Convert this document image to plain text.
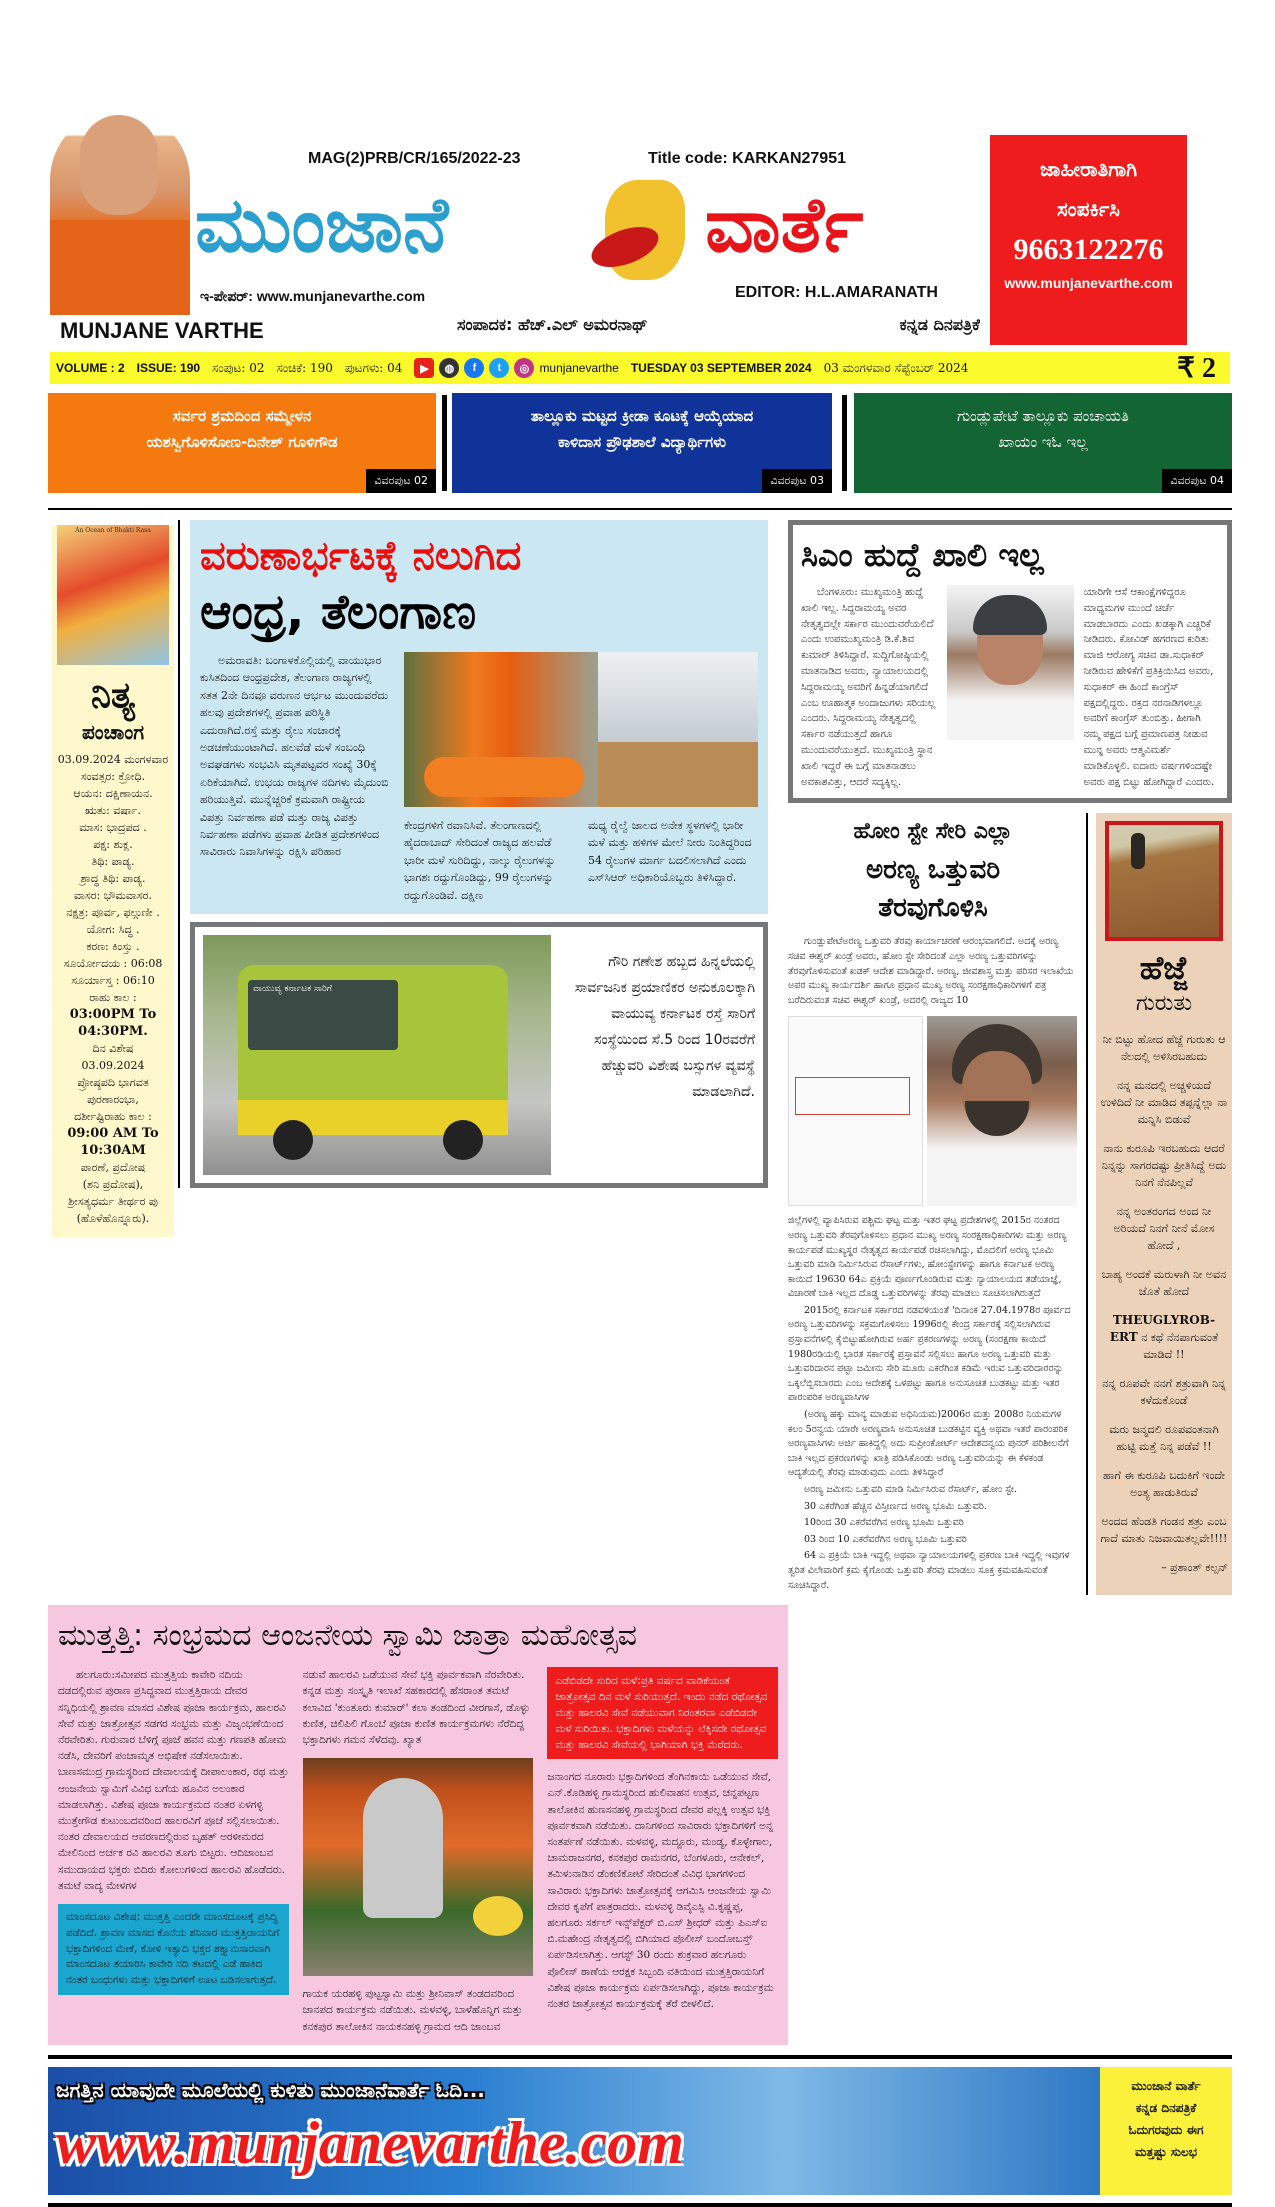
MUNJANE VARTHE
MAG(2)PRB/CR/165/2022-23	Title code: KARKAN27951
ಮುಂಜಾನೆ	ವಾರ್ತೆ
ಇ-ಪೇಪರ್: www.munjanevarthe.com	EDITOR: H.L.AMARANATH
ಸಂಪಾದಕ: ಹೆಚ್.ಎಲ್ ಅಮರನಾಥ್	ಕನ್ನಡ ದಿನಪತ್ರಿಕೆ
ಜಾಹೀರಾತಿಗಾಗಿ
ಸಂಪರ್ಕಿಸಿ
9663122276
www.munjanevarthe.com
VOLUME : 2 ISSUE: 190 ಸಂಪುಟ: 02 ಸಂಚಿಕೆ: 190 ಪುಟಗಳು: 04	▶	◍	f	t	◎ munjanevarthe TUESDAY 03 SEPTEMBER 2024 03 ಮಂಗಳವಾರ ಸೆಪ್ಟೆಂಬರ್ 2024	₹ 2
ಸರ್ವರ ಶ್ರಮದಿಂದ ಸಮ್ಮೇಳನ
ಯಶಸ್ವಿಗೊಳಿಸೋಣ-ದಿನೇಶ್ ಗೂಳಿಗೌಡ
ವಿವರಪುಟ 02
ತಾಲ್ಲೂಕು ಮಟ್ಟದ ಕ್ರೀಡಾ ಕೂಟಕ್ಕೆ ಆಯ್ಕೆಯಾದ
ಕಾಳಿದಾಸ ಪ್ರೌಢಶಾಲೆ ವಿದ್ಯಾರ್ಥಿಗಳು
ವಿವರಪುಟ 03
ಗುಂಡ್ಲುಪೇಟೆ ತಾಲ್ಲೂಕು ಪಂಚಾಯತಿ
ಖಾಯಂ ಇಓ ಇಲ್ಲ
ವಿವರಪುಟ 04
An Ocean of Bhakti Rasa
ನಿತ್ಯ
ಪಂಚಾಂಗ
03.09.2024 ಮಂಗಳವಾರ
ಸಂವತ್ಸರ: ಕ್ರೋಧಿ.
ಆಯನ: ದಕ್ಷಿಣಾಯನ.
ಋತು: ವರ್ಷಾ.
ಮಾಸ: ಭಾದ್ರಪದ .
ಪಕ್ಷ: ಶುಕ್ಲ.
ತಿಥಿ: ಪಾಡ್ಯ.
ಶ್ರಾದ್ಧ ತಿಥಿ: ಪಾಡ್ಯ.
ವಾಸರ: ಭೌಮವಾಸರ.
ನಕ್ಷತ್ರ: ಪೂರ್ವ, ಫಲ್ಗುಣೀ .
ಯೋಗ: ಸಿದ್ಧ .
ಕರಣ: ಕಿಂಸ್ತು .
ಸೂರ್ಯೋದಯ : 06:08
ಸೂರ್ಯಾಸ್ತ : 06:10
ರಾಹು ಕಾಲ :
03:00PM To 04:30PM.
ದಿನ ವಿಶೇಷ
03.09.2024
ಪ್ರೋಷ್ಠಪದಿ ಭಾಗವತ
ಪುರಣಾರಂಭಾ,
ದರ್ಶೀಷ್ಟಿರಾಹು ಕಾಲ :
09:00 AM To 10:30AM
ಪಾರಣೆ, ಪ್ರದೋಷ
(ಶನಿ ಪ್ರದೋಷ),
ಶ್ರೀಸತ್ಯಧರ್ಮ ತೀರ್ಥರ ಪು
(ಹೊಳೆಹೊನ್ನೂರು).
ವರುಣಾರ್ಭಟಕ್ಕೆ ನಲುಗಿದ
ಆಂಧ್ರ, ತೆಲಂಗಾಣ
ಅಮರಾವತಿ: ಬಂಗಾಳಕೊಲ್ಲಿಯಲ್ಲಿ ವಾಯುಭಾರ ಕುಸಿತದಿಂದ ಆಂಧ್ರಪ್ರದೇಶ, ತೆಲಂಗಾಣ ರಾಜ್ಯಗಳಲ್ಲಿ ಸತತ 2ನೇ ದಿನವೂ ವರುಣನ ಆರ್ಭಟ ಮುಂದುವರೆದು ಹಲವು ಪ್ರದೇಶಗಳಲ್ಲಿ ಪ್ರವಾಹ ಪರಿಸ್ಥಿತಿ ಎದುರಾಗಿದೆ.ರಸ್ತೆ ಮತ್ತು ರೈಲು ಸಂಚಾರಕ್ಕೆ ಅಡಚಣೆಯುಂಟಾಗಿದೆ. ಹಲವೆಡೆ ಮಳೆ ಸಂಬಂಧಿ ಅವಘಡಗಳು ಸಂಭವಿಸಿ ಮೃತಪಟ್ಟವರ ಸಂಖ್ಯೆ 30ಕ್ಕೆ ಏರಿಕೆಯಾಗಿದೆ. ಉಭಯ ರಾಜ್ಯಗಳ ನದಿಗಳು ಮೈದುಂಬಿ ಹರಿಯುತ್ತಿವೆ. ಮುನ್ನೆಚ್ಚರಿಕೆ ಕ್ರಮವಾಗಿ ರಾಷ್ಟ್ರೀಯ ವಿಪತ್ತು ನಿರ್ವಹಣಾ ಪಡೆ ಮತ್ತು ರಾಜ್ಯ ವಿಪತ್ತು ನಿರ್ವಹಣಾ ಪಡೆಗಳು ಪ್ರವಾಹ ಪೀಡಿತ ಪ್ರದೇಶಗಳಿಂದ ಸಾವಿರಾರು ನಿವಾಸಿಗಳನ್ನು ರಕ್ಷಿಸಿ ಪರಿಹಾರ
ಕೇಂದ್ರಗಳಿಗೆ ರವಾನಿಸಿವೆ. ತೆಲಂಗಾಣದಲ್ಲಿ ಹೈದರಾಬಾದ್ ಸೇರಿದಂತೆ ರಾಜ್ಯದ ಹಲವೆಡೆ ಭಾರೀ ಮಳೆ ಸುರಿದಿದ್ದು, ನಾಲ್ಕು ರೈಲುಗಳನ್ನು ಭಾಗಶಃ ರದ್ದುಗೊಂಡಿದ್ದು, 99 ರೈಲುಗಳನ್ನು ರದ್ದುಗೊಂಡಿವೆ. ದಕ್ಷಿಣ
ಮಧ್ಯ ರೈಲ್ವೆ ಜಾಲದ ಅನೇಕ ಸ್ಥಳಗಳಲ್ಲಿ ಭಾರೀ ಮಳೆ ಮತ್ತು ಹಳಿಗಳ ಮೇಲೆ ನೀರು ನಿಂತಿದ್ದರಿಂದ 54 ರೈಲುಗಳ ಮಾರ್ಗ ಬದಲಿಸಲಾಗಿದೆ ಎಂದು ಎಸ್‌ಸಿಆರ್ ಅಧಿಕಾರಿಯೊಬ್ಬರು ತಿಳಿಸಿದ್ದಾರೆ.
ವಾಯುವ್ಯ ಕರ್ನಾಟಕ ಸಾರಿಗೆ
ಗೌರಿ ಗಣೇಶ ಹಬ್ಬದ ಹಿನ್ನಲೆಯಲ್ಲಿ ಸಾರ್ವಜನಿಕ ಪ್ರಯಾಣಿಕರ ಅನುಕೂಲಕ್ಕಾಗಿ ವಾಯುವ್ಯ ಕರ್ನಾಟಕ ರಸ್ತೆ ಸಾರಿಗೆ ಸಂಸ್ಥೆಯಿಂದ ಸೆ.5 ರಿಂದ 10ರವರೆಗೆ ಹೆಚ್ಚುವರಿ ವಿಶೇಷ ಬಸ್ಸುಗಳ ವ್ಯವಸ್ಥೆ ಮಾಡಲಾಗಿದೆ.
ಸಿಎಂ ಹುದ್ದೆ ಖಾಲಿ ಇಲ್ಲ
ಬೆಂಗಳೂರು: ಮುಖ್ಯಮಂತ್ರಿ ಹುದ್ದೆ ಖಾಲಿ ಇಲ್ಲ. ಸಿದ್ದರಾಮಯ್ಯ ಅವರ ನೇತೃತ್ವದಲ್ಲೇ ಸರ್ಕಾರ ಮುಂದುವರೆಯಲಿದೆ ಎಂದು ಉಪಮುಖ್ಯಮಂತ್ರಿ ಡಿ.ಕೆ.ಶಿವ ಕುಮಾರ್ ತಿಳಿಸಿದ್ದಾರೆ. ಸುದ್ದಿಗೋಷ್ಠಿಯಲ್ಲಿ ಮಾತನಾಡಿದ ಅವರು, ನ್ಯಾಯಾಲಯದಲ್ಲಿ ಸಿದ್ದರಾಮಯ್ಯ ಅವರಿಗೆ ಹಿನ್ನಡೆಯಾಗಲಿದೆ ಎಂಬ ಊಹಾತ್ಮಕ ಅಂದಾಜುಗಳು ಸರಿಯಲ್ಲ ಎಂದರು. ಸಿದ್ದರಾಮಯ್ಯ ನೇತೃತ್ವದಲ್ಲಿ ಸರ್ಕಾರ ನಡೆಯುತ್ತದೆ ಹಾಗೂ ಮುಂದುವರೆಯುತ್ತದೆ. ಮುಖ್ಯಮಂತ್ರಿ ಸ್ಥಾನ ಖಾಲಿ ಇದ್ದರೆ ಈ ಬಗ್ಗೆ ಮಾತನಾಡಲು ಅವಕಾಶವಿತ್ತು, ಆದರೆ ಸದ್ಯಕ್ಕಿಲ್ಲ.
ಯಾರಿಗೇ ಆಸೆ ಆಕಾಂಕ್ಷೆಗಳಿದ್ದರೂ ಮಾಧ್ಯಮಗಳ ಮುಂದೆ ಚರ್ಚೆ ಮಾಡಬಾರದು ಎಂದು ಖಡಕ್ಕಾಗಿ ಎಚ್ಚರಿಕೆ ನೀಡಿದರು. ಕೋವಿಡ್ ಹಗರಣದ ಕುರಿತು ಮಾಜಿ ಆರೋಗ್ಯ ಸಚಿವ ಡಾ.ಸುಧಾಕರ್ ನೀಡಿರುವ ಹೇಳಿಕೆಗೆ ಪ್ರತಿಕ್ರಿಯಿಸಿದ ಅವರು, ಸುಧಾಕರ್ ಈ ಹಿಂದೆ ಕಾಂಗ್ರೆಸ್ ಪಕ್ಷದಲ್ಲಿದ್ದರು. ರಕ್ತದ ನರನಾಡಿಗಳಲ್ಲೂ ಅವರಿಗೆ ಕಾಂಗ್ರೆಸ್ ತುಂಬಿತ್ತು. ಹೀಗಾಗಿ ನಮ್ಮ ಪಕ್ಷದ ಬಗ್ಗೆ ಪ್ರಮಾಣಪತ್ರ ನೀಡುವ ಮುನ್ನ ಅವರು ಆತ್ಮವಿಮರ್ಶೆ ಮಾಡಿಕೊಳ್ಳಲಿ. ಐದಾರು ವರ್ಷಗಳಿಂದಷ್ಟೇ ಅವರು ಪಕ್ಷ ಬಿಟ್ಟು ಹೋಗಿದ್ದಾರೆ ಎಂದರು.
ಹೋಂ ಸ್ಟೇ ಸೇರಿ ಎಲ್ಲಾ
ಅರಣ್ಯ ಒತ್ತುವರಿ
ತೆರವುಗೊಳಿಸಿ
ಗುಂಡ್ಲುಪೇಟೆಅರಣ್ಯ ಒತ್ತುವರಿ ತೆರವು ಕಾರ್ಯಾಚರಣೆ ಆರಂಭವಾಗಲಿದೆ. ಅದಕ್ಕೆ ಅರಣ್ಯ ಸಚಿವ ಈಶ್ವರ್ ಖಂಡ್ರೆ ಅವರು, ಹೋಂ ಸ್ಟೇ ಸೇರಿದಂತೆ ಎಲ್ಲಾ ಅರಣ್ಯ ಒತ್ತುವರಿಗಳನ್ನು ತೆರವುಗೊಳಿಸುವಂತೆ ಖಡಕ್ ಆದೇಶ ಮಾಡಿದ್ದಾರೆ. ಅರಣ್ಯ, ಜೀವಶಾಸ್ತ್ರ ಮತ್ತು ಪರಿಸರ ಇಲಾಖೆಯ ಅಪರ ಮುಖ್ಯ ಕಾರ್ಯದರ್ಶಿ ಹಾಗೂ ಪ್ರಧಾನ ಮುಖ್ಯ ಅರಣ್ಯ ಸಂರಕ್ಷಣಾಧಿಕಾರಿಗಳಿಗೆ ಪತ್ರ ಬರೆದಿರುವಂತ ಸಚಿವ ಈಶ್ವರ್ ಖಂಡ್ರೆ, ಅದರಲ್ಲಿ ರಾಜ್ಯದ 10
ಜಿಲ್ಲೆಗಳಲ್ಲಿ ವ್ಯಾಪಿಸಿರುವ ಪಶ್ಚಿಮ ಘಟ್ಟ ಮತ್ತು ಇತರ ಘಟ್ಟ ಪ್ರದೇಶಗಳಲ್ಲಿ 2015ರ ನಂತರದ ಅರಣ್ಯ ಒತ್ತುವರಿ ತೆರವುಗೊಳಿಸಲು ಪ್ರಧಾನ ಮುಖ್ಯ ಅರಣ್ಯ ಸಂರಕ್ಷಣಾಧಿಕಾರಿಗಳು ಮತ್ತು ಅರಣ್ಯ ಕಾರ್ಯಪಡೆ ಮುಖ್ಯಸ್ಥರ ನೇತೃತ್ವದ ಕಾರ್ಯಪಡೆ ರಚಿಸಲಾಗಿದ್ದು, ಮೊದಲಿಗೆ ಅರಣ್ಯ ಭೂಮಿ ಒತ್ತುವರಿ ಮಾಡಿ ನಿರ್ಮಿಸಿರುವ ರೆಸಾರ್ಟ್‌ಗಳು, ಹೋಂಸ್ಟೇಗಳನ್ನು ಹಾಗೂ ಕರ್ನಾಟಕ ಅರಣ್ಯ ಕಾಯಿದೆ 19630 64ಎ ಪ್ರಕ್ರಿಯೆ ಪೂರ್ಣಗೊಂಡಿರುವ ಮತ್ತು ನ್ಯಾಯಾಲಯದ ತಡೆಯಾಜ್ಞೆ, ವಿಚಾರಣೆ ಬಾಕಿ ಇಲ್ಲದ ದೊಡ್ಡ ಒತ್ತುವರಿಗಳನ್ನು ತೆರವು ಮಾಡಲು ಸೂಚಿಸಲಾಗಿರುತ್ತದೆ
2015ರಲ್ಲಿ ಕರ್ನಾಟಕ ಸರ್ಕಾರದ ನಡವಳಿಯಂತೆ 'ದಿನಾಂಕ 27.04.1978ರ ಪೂರ್ವದ ಅರಣ್ಯ ಒತ್ತುವರಿಗಳನ್ನು ಸಕ್ರಮಗೊಳಿಸಲು 1996ರಲ್ಲಿ ಕೇಂದ್ರ ಸರ್ಕಾರಕ್ಕೆ ಸಲ್ಲಿಸಲಾಗಿರುವ ಪ್ರಸ್ತಾವನೆಗಳಲ್ಲಿ ಕೈಬಿಟ್ಟುಹೋಗಿರುವ ಅರ್ಹ ಪ್ರಕರಣಗಳನ್ನು ಅರಣ್ಯ (ಸಂರಕ್ಷಣಾ ಕಾಯಿದೆ 1980ರಡಿಯಲ್ಲಿ ಭಾರತ ಸರ್ಕಾರಕ್ಕೆ ಪ್ರಸ್ತಾವನೆ ಸಲ್ಲಿಸಲು ಹಾಗೂ ಅರಣ್ಯ ಒತ್ತುವರಿ ಮತ್ತು ಒತ್ತುವರಿದಾರನ ಪಟ್ಟಾ ಜಮೀನು ಸೇರಿ ಮೂರು ಎಕರೆಗಿಂತ ಕಡಿಮೆ ಇರುವ ಒತ್ತುವರಿದಾರರನ್ನು ಒಕ್ಕಲೆಬ್ಬಿಸಬಾರದು ಎಂಬ ಆದೇಶಕ್ಕೆ ಒಳಪಟ್ಟು ಹಾಗೂ ಅನುಸೂಚಿತ ಬುಡಕಟ್ಟು ಮತ್ತು ಇತರ ಪಾರಂಪರಿಕ ಅರಣ್ಯವಾಸಿಗಳ
(ಅರಣ್ಯ ಹಕ್ಕು ಮಾನ್ಯ ಮಾಡುವ ಅಧಿನಿಯಮ)2006ರ ಮತ್ತು 2008ರ ನಿಯಮಗಳ ಕಲಂ 5ರನ್ವಯ ಯಾರೇ ಅರಣ್ಯವಾಸಿ ಅನುಸೂಚಿತ ಬುಡಕಟ್ಟಿನ ವ್ಯಕ್ತಿ ಅಥವಾ ಇತರೆ ಪಾರಂಪರಿಕ ಅರಣ್ಯವಾಸಿಗಳು ಅರ್ಜಿ ಹಾಕಿದ್ದಲ್ಲಿ ಅದು ಸುಪ್ರೀಂಕೋರ್ಟ್ ಆದೇಶದನ್ವಯ ಪುನರ್ ಪರಿಶೀಲನೆಗೆ ಬಾಕಿ ಇಲ್ಲದ ಪ್ರಕರಣಗಳನ್ನು ಖಾತ್ರಿ ಪಡಿಸಿಕೊಂಡು ಅರಣ್ಯ ಒತ್ತುವರಿಯನ್ನು ಈ ಕೆಳಕಂಡ ಆದ್ಯತೆಯಲ್ಲಿ ತೆರವು ಮಾಡುವುದು ಎಂದು ತಿಳಿಸಿದ್ದಾರೆ
ಅರಣ್ಯ ಜಮೀನು ಒತ್ತುವರಿ ಮಾಡಿ ನಿರ್ಮಿಸಿರುವ ರೆಸಾರ್ಟ್, ಹೋಂ ಸ್ಟೇ.
30 ಎಕರೆಗಿಂತ ಹೆಚ್ಚಿನ ವಿಸ್ತೀರ್ಣದ ಅರಣ್ಯ ಭೂಮಿ ಒತ್ತುವರಿ.
10ರಿಂದ 30 ಎಕರೆವರೆಗಿನ ಅರಣ್ಯ ಭೂಮಿ ಒತ್ತುವರಿ
03 ರಿಂದ 10 ಎಕರೆವರೆಗಿನ ಅರಣ್ಯ ಭೂಮಿ ಒತ್ತುವರಿ
64 ಎ ಪ್ರಕ್ರಿಯೆ ಬಾಕಿ ಇದ್ದಲ್ಲಿ ಅಥವಾ ನ್ಯಾಯಾಲಯಗಳಲ್ಲಿ ಪ್ರಕರಣ ಬಾಕಿ ಇದ್ದಲ್ಲಿ ಇವುಗಳ ತ್ವರಿತ ವಿಲೇವಾರಿಗೆ ಕ್ರಮ ಕೈಗೊಂಡು ಒತ್ತುವರಿ ತೆರವು ಮಾಡಲು ಸೂಕ್ತ ಕ್ರಮವಹಿಸುವಂತೆ ಸೂಚಿಸಿದ್ದಾರೆ.
ಹೆಜ್ಜೆ
ಗುರುತು

ನೀ ಬಿಟ್ಟು ಹೋದ ಹೆಜ್ಜೆ ಗುರುತು ಆ ನೆಲದಲ್ಲಿ ಅಳಿಸಿರಬಹುದು

ನನ್ನ ಮನದಲ್ಲಿ ಅಚ್ಚಳಿಯದೆ ಉಳಿದಿದೆ ನೀ ಮಾಡಿದ ತಪ್ಪನ್ನೆಲ್ಲಾ ನಾ ಮನ್ನಿಸಿ ಬಿಡುವೆ

ನಾನು ಕುರೂಪಿ ಇರಬಹುದು ಆದರೆ ನಿನ್ನನ್ನು ಸಾಗರದಷ್ಟು ಪ್ರೀತಿಸಿದ್ದೆ ಅದು ನಿನಗೆ ನೆನಪಿಲ್ಲವೆ

ನನ್ನ ಅಂತರಂಗದ ಅಂದ ನೀ ಅರಿಯದೆ ನಿನಗೆ ನೀನೆ ಮೋಸ ಹೋದೆ ,

ಬಾಹ್ಯ ಅಂದಕೆ ಮರುಳಾಗಿ ನೀ ಅವನ ಜೊತೆ ಹೋದೆ

THEUGLYROB-ERT ನ ಕಥೆ ನೆನಪಾಗುವಂತೆ ಮಾಡಿದೆ !!

ನನ್ನ ರೂಪವೇ ನನಗೆ ಶತ್ರುವಾಗಿ ನಿನ್ನ ಕಳೆದುಕೊಂಡೆ

ಮರು ಜನ್ಮದಲಿ ರೂಪವಂತನಾಗಿ ಹುಟ್ಟಿ ಮತ್ತೆ ನಿನ್ನ ಪಡೆವೆ !!

ಹಾಗೆ ಈ ಕುರೂಪಿ ಬದುಕಿಗೆ ಇಂದೇ ಅಂತ್ಯ ಹಾಡುತಿರುವೆ

ಅಂದದ ಹೆಂಡತಿ ಗಂಡನ ಶತ್ರು ಎಂಬ ಗಾದೆ ಮಾತು ನಿಜವಾಯಿತಲ್ಲವೇ!!!!

– ಪ್ರಶಾಂತ್ ಕಲ್ಪನ್
ಮುತ್ತತ್ತಿ: ಸಂಭ್ರಮದ ಆಂಜನೇಯ ಸ್ವಾಮಿ ಜಾತ್ರಾ ಮಹೋತ್ಸವ
ಹಲಗೂರು:ಸಮೀಪದ ಮುತ್ತತ್ತಿಯ ಕಾವೇರಿ ನದಿಯ ದಡದಲ್ಲಿರುವ ಪುರಾಣ ಪ್ರಸಿದ್ಧವಾದ ಮುತ್ತತ್ತಿರಾಯ ದೇವರ ಸನ್ನಿಧಿಯಲ್ಲಿ ಶ್ರಾವಣ ಮಾಸದ ವಿಶೇಷ ಪೂಜಾ ಕಾರ್ಯಕ್ರಮ, ಹಾಲರವಿ ಸೇವೆ ಮತ್ತು ಜಾತ್ರೋತ್ಸವ ಸಡಗರ ಸಂಭ್ರಮ ಮತ್ತು ವಿಜೃಂಭಣೆಯಿಂದ ನೆರವೇರಿತು. ಗುರುವಾರ ಬೆಳಿಗ್ಗೆ ಪೂಜೆ ಹವನ ಮತ್ತು ಗಣಪತಿ ಹೋಮ ನಡೆಸಿ, ದೇವರಿಗೆ ಪಂಚಾಮೃತ ಅಭಿಷೇಕ ನಡೆಸಲಾಯಿತು. ಬಾಣಸಮುದ್ರ ಗ್ರಾಮಸ್ಥರಿಂದ ದೇವಾಲಯಕ್ಕೆ ದೀಪಾಲಂಕಾರ, ರಥ ಮತ್ತು ಆಂಜನೇಯ ಸ್ವಾಮಿಗೆ ವಿವಿಧ ಬಗೆಯ ಹೂವಿನ ಅಲಂಕಾರ ಮಾಡಲಾಗಿತ್ತು. ವಿಶೇಷ ಪೂಜಾ ಕಾರ್ಯಕ್ರಮದ ನಂತರ ಏಳಗಳ್ಳಿ ಮುತ್ತೇಗೌಡ ಕುಟುಂಬದವರಿಂದ ಹಾಲರವಿಗೆ ಪೂಜೆ ಸಲ್ಲಿಸಲಾಯಿತು. ನಂತರ ದೇವಾಲಯದ ಆವರಣದಲ್ಲಿರುವ ಬೃಹತ್ ಅರಳೀಮರದ ಮೇಲಿನಿಂದ ಅರ್ಚಕ ರವಿ ಹಾಲರವಿ ತೂಗು ಬಿಟ್ಟರು. ಆದಿಜಾಂಬವ ಸಮುದಾಯದ ಭಕ್ತರು ಬಿದಿರು ಕೋಲುಗಳಿಂದ ಹಾಲರವಿ ಹೊಡೆದರು. ತಮಟೆ ವಾದ್ಯ ಮೇಳಗಳ
ಮಾಂಸದೂಟ ವಿಶೇಷ: ಮುತ್ತತ್ತಿ ಎಂದರೇ ಮಾಂಸದೂಟಕ್ಕೆ ಪ್ರಸಿದ್ಧಿ ಪಡೆದಿದೆ. ಶ್ರಾವಣ ಮಾಸದ ಕೊನೆಯ ಶನಿವಾರ ಮುತ್ತತ್ತಿರಾಯನಿಗೆ ಭಕ್ತಾದಿಗಳಿಂದ ಮೇಕೆ, ಕೋಳಿ ಇತ್ಯಾದಿ ಭಕ್ತರ ಶಕ್ತ್ಯಾನುಸಾರವಾಗಿ ಮಾಂಸದೂಟ ತಯಾರಿಸಿ ಕಾವೇರಿ ನದಿ ತಟದಲ್ಲಿ ಎಡೆ ಹಾಕಿದ ನಂತರ ಬಂಧುಗಳು ಮತ್ತು ಭಕ್ತಾದಿಗಳಿಗೆ ಊಟ ಬಡಿಸಲಾಗುತ್ತದೆ.
ನಡುವೆ ಹಾಲರವಿ ಒಡೆಯುವ ಸೇವೆ ಭಕ್ತಿ ಪೂರ್ವಕವಾಗಿ ನೆರವೇರಿತು. ಕನ್ನಡ ಮತ್ತು ಸಂಸ್ಕೃತಿ ಇಲಾಖೆ ಸಹಕಾರದಲ್ಲಿ ಹೆಸರಾಂತ ತಮಟೆ ಕಲಾವಿದ 'ಕುಂತೂರು ಕುಮಾರ್' ಕಲಾ ತಂಡದಿಂದ ವೀರಗಾಸೆ, ಡೊಳ್ಳು ಕುಣಿತ, ಚಿಲಿಪಿಲಿ ಗೊಂಬೆ ಪೂಜಾ ಕುಣಿತ ಕಾರ್ಯಕ್ರಮಗಳು ನೆರೆದಿದ್ದ ಭಕ್ತಾದಿಗಳು ಗಮನ ಸೆಳೆದವು. ಖ್ಯಾತ
ಗಾಯಕ ಯರಹಳ್ಳಿ ಪುಟ್ಟಸ್ವಾಮಿ ಮತ್ತು ಶ್ರೀನಿವಾಸ್ ತಂಡದವರಿಂದ ಜಾನಪದ ಕಾರ್ಯಕ್ರಮ ನಡೆಯಿತು. ಮಳವಳ್ಳಿ, ಬಾಳೆಹೊನ್ನಿಗ ಮತ್ತು ಕನಕಪುರ ತಾಲೋಕಿನ ನಾಯಕನಹಳ್ಳಿ ಗ್ರಾಮದ ಆದಿ ಜಾಂಬವ
ಎಡೆಬಿಡದೇ ಸುರಿದ ಮಳೆ:ಪ್ರತಿ ವರ್ಷದ ವಾಡಿಕೆಯಂತೆ ಜಾತ್ರೋತ್ಸವ ದಿನ ಮಳೆ ಸುರಿಯುತ್ತದೆ. ಇಂದು ನಡೆದ ರಥೋತ್ಸವ ಮತ್ತು ಹಾಲರವಿ ಸೇವೆ ನಡೆಯುವಾಗ ನಿರಂತರವಾ ಎಡೆಬಿಡದೇ ಮಳೆ ಸುರಿಯಿತು. ಭಕ್ತಾದಿಗಳು ಮಳೆಯನ್ನು ಲೆಕ್ಕಿಸದೇ ರಥೋತ್ಸವ ಮತ್ತು ಹಾಲರವಿ ಸೇವೆಯಲ್ಲಿ ಭಾಗಿಯಾಗಿ ಭಕ್ತಿ ಮೆರೆದರು.
ಜನಾಂಗದ ನೂರಾರು ಭಕ್ತಾದಿಗಳಿಂದ ತೆಂಗಿನಕಾಯಿ ಒಡೆಯುವ ಸೇವೆ, ಎನ್.ಕೊಡಿಹಳ್ಳಿ ಗ್ರಾಮಸ್ಥರಿಂದ ಹುಲಿವಾಹನ ಉತ್ಸವ, ಚನ್ನಪಟ್ಟಣ ತಾಲೋಕಿನ ಹುಣಸನಹಳ್ಳಿ ಗ್ರಾಮಸ್ಥರಿಂದ ದೇವರ ಪಲ್ಲಕ್ಕಿ ಉತ್ಸವ ಭಕ್ತಿ ಪೂರ್ವಕವಾಗಿ ನಡೆಯಿತು. ದಾನಿಗಳಿಂದ ಸಾವಿರಾರು ಭಕ್ತಾದಿಗಳಿಗೆ ಅನ್ನ ಸಂತರ್ಪಣೆ ನಡೆಯಿತು. ಮಳವಳ್ಳಿ, ಮದ್ದೂರು, ಮಂಡ್ಯ, ಕೊಳ್ಳೇಗಾಲ, ಚಾಮರಾಜನಗರ, ಕನಕಪುರ ರಾಮನಗರ, ಬೆಂಗಳೂರು, ಆನೇಕಲ್, ತಮಿಳುನಾಡಿನ ಡೆಂಕಣಿಕೋಟೆ ಸೇರಿದಂತೆ ವಿವಿಧ ಭಾಗಗಳಿಂದ ಸಾವಿರಾರು ಭಕ್ತಾದಿಗಳು ಜಾತ್ರೋತ್ಸವಕ್ಕೆ ಆಗಮಿಸಿ ಆಂಜನೇಯ ಸ್ವಾಮಿ ದೇವರ ಕೃಪೆಗೆ ಪಾತ್ರರಾದರು. ಮಳವಳ್ಳಿ ಡಿವೈಎಸ್ಪಿ ವಿ.ಕೃಷ್ಣಪ್ಪ, ಹಲಗೂರು ಸರ್ಕಲ್ ಇನ್ಸ್‌ಪೆಕ್ಟರ್ ಬಿ.ಎಸ್ ಶ್ರೀಧರ್ ಮತ್ತು ಪಿಎಸ್‌ಐ ಬಿ.ಮಹೇಂದ್ರ ನೇತೃತ್ವದಲ್ಲಿ ಬಿಗಿಯಾದ ಪೊಲೀಸ್ ಬಂದೋಬಸ್ತ್ ಏರ್ಪಡಿಸಲಾಗಿತ್ತು. ಆಗಸ್ಟ್ 30 ರಂದು ಶುಕ್ರವಾರ ಹಲಗೂರು ಪೊಲೀಸ್ ಠಾಣೆಯ ಆರಕ್ಷಕ ಸಿಬ್ಬಂದಿ ವತಿಯಿಂದ ಮುತ್ತತ್ತಿರಾಯನಿಗೆ ವಿಶೇಷ ಪೂಜಾ ಕಾರ್ಯಕ್ರಮ ಏರ್ಪಡಿಸಲಾಗಿದ್ದು, ಪೂಜಾ ಕಾರ್ಯಕ್ರಮ ನಂತರ ಜಾತ್ರೋತ್ಸವ ಕಾರ್ಯಕ್ರಮಕ್ಕೆ ತೆರೆ ಬೀಳಲಿದೆ.
ಜಗತ್ತಿನ ಯಾವುದೇ ಮೂಲೆಯಲ್ಲಿ ಕುಳಿತು ಮುಂಜಾನೆವಾರ್ತೆ ಓದಿ...
www.munjanevarthe.com
ಮುಂಜಾನೆ ವಾರ್ತೆ
ಕನ್ನಡ ದಿನಪತ್ರಿಕೆ
ಓದುಗರವುದು ಈಗ
ಮತ್ತಷ್ಟು ಸುಲಭ
